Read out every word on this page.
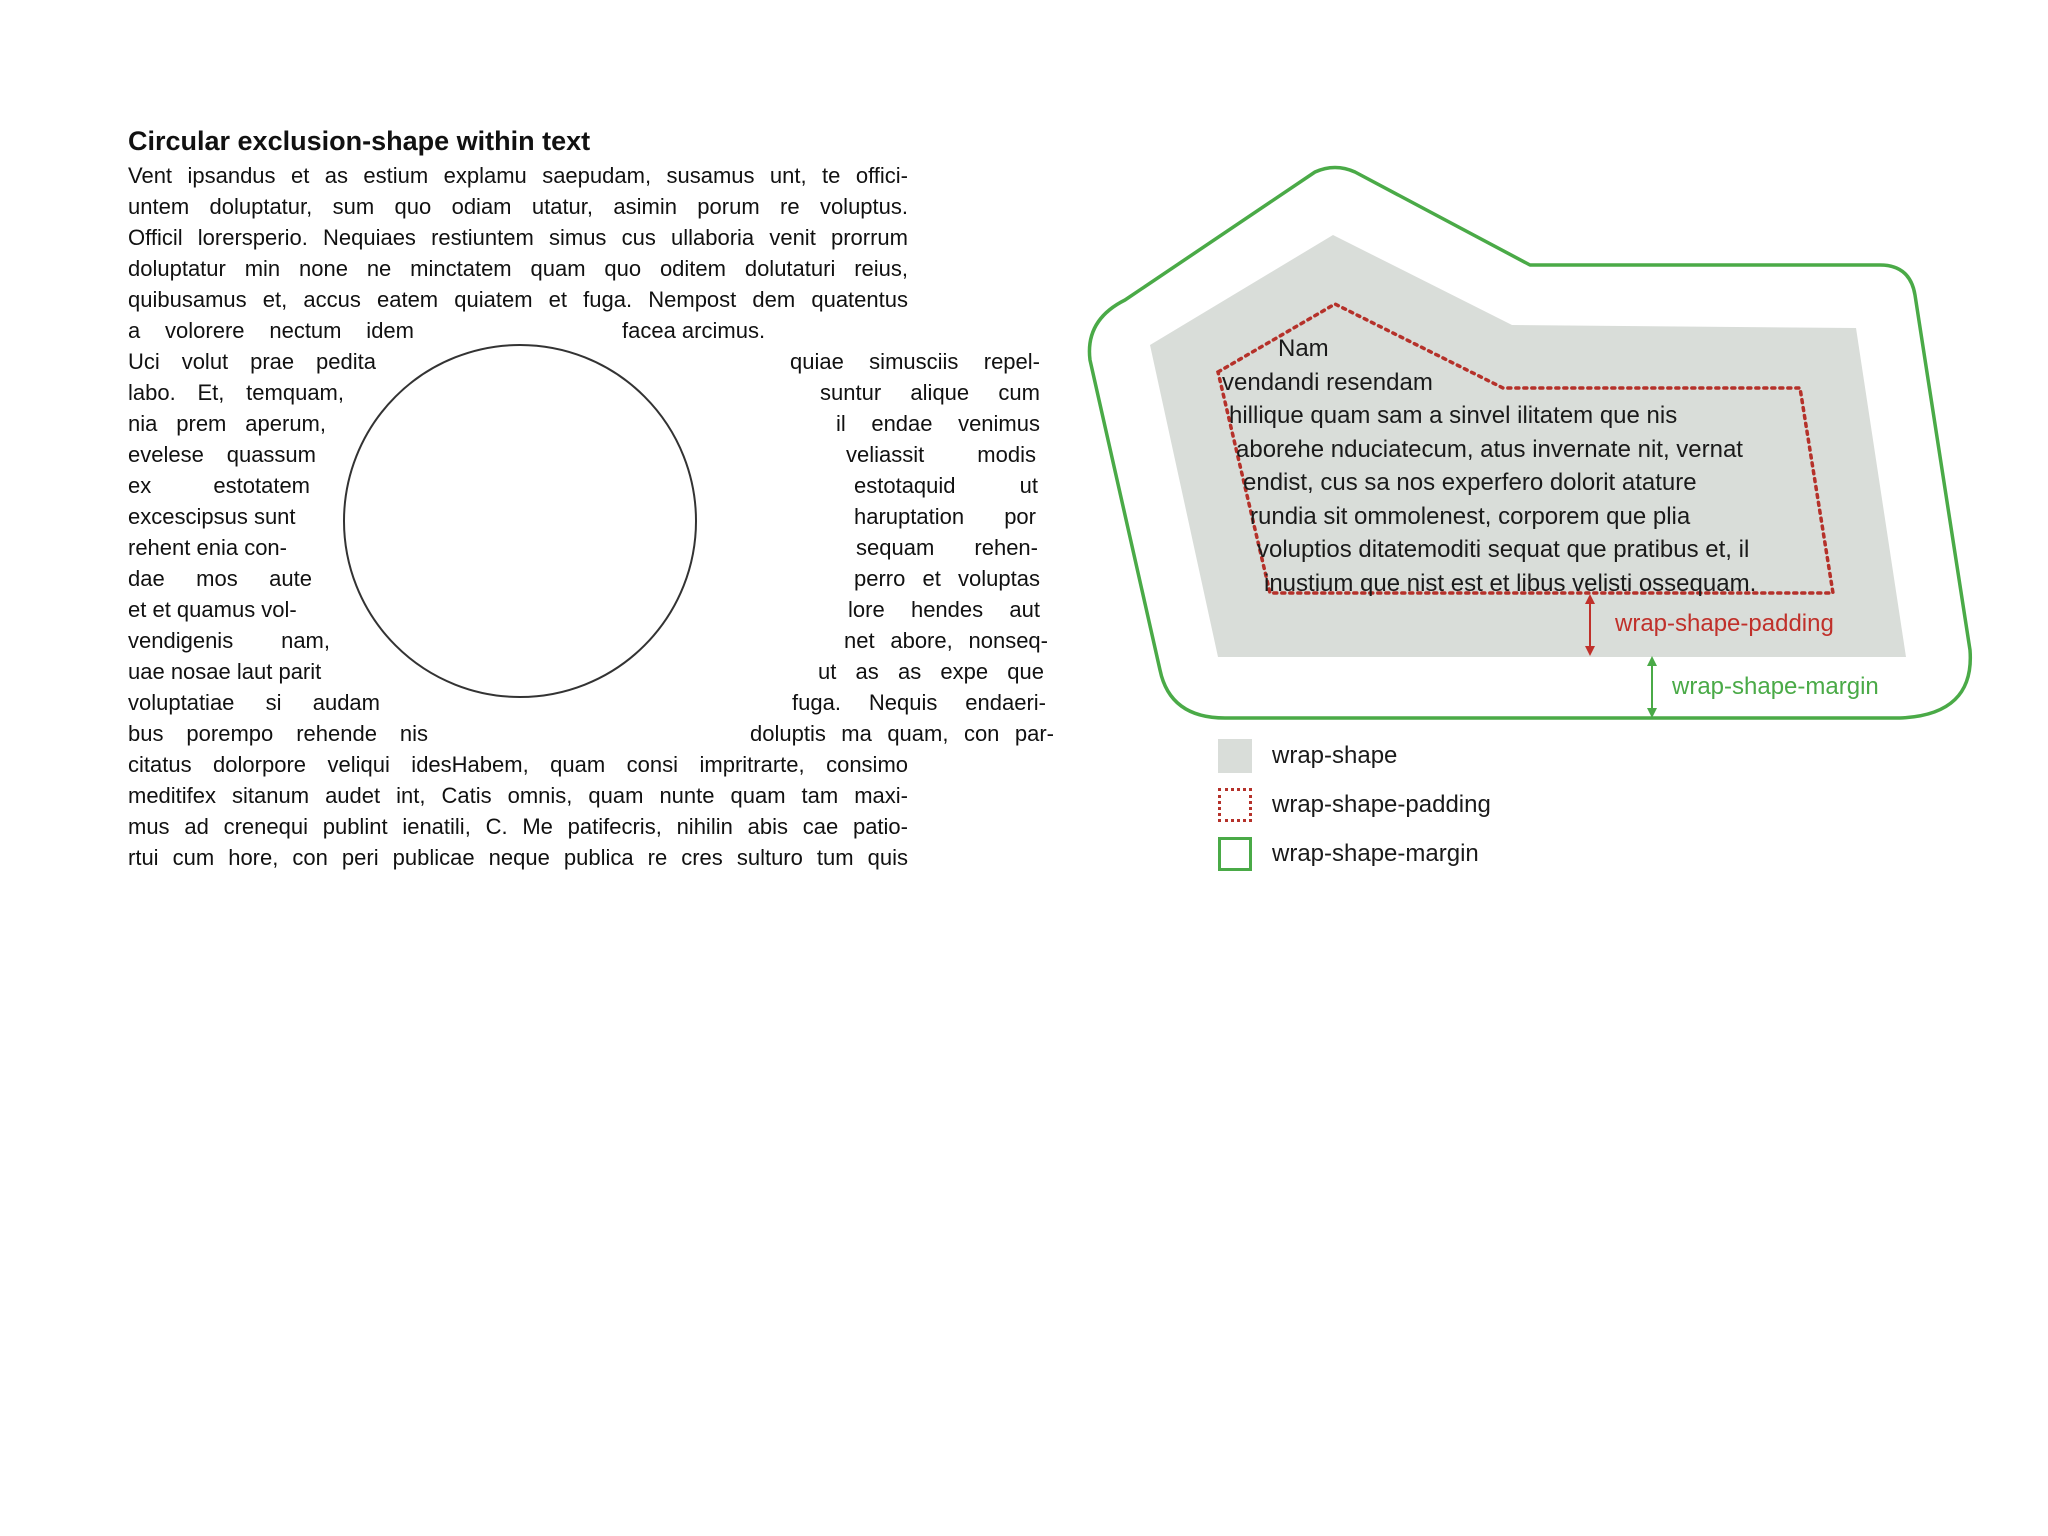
Circular exclusion-shape within text
Vent ipsandus et as estium explamu saepudam, susamus unt, te offici-
untem doluptatur, sum quo odiam utatur, asimin porum re voluptus.
Officil lorersperio. Nequiaes restiuntem simus cus ullaboria venit prorrum
doluptatur min none ne minctatem quam quo oditem dolutaturi reius,
quibusamus et, accus eatem quiatem et fuga. Nempost dem quatentus
a volorere nectum idem	facea arcimus.
Uci volut prae pedita	quiae simusciis repel-
labo. Et, temquam,	suntur alique cum
nia prem aperum,	il endae venimus
evelese quassum	veliassit modis
ex estotatem	estotaquid ut
excescipsus sunt	haruptation por
rehent enia con-	sequam rehen-
dae mos aute	perro et voluptas
et et quamus vol-	lore hendes aut
vendigenis nam,	net abore, nonseq-
uae nosae laut parit	ut as as expe que
voluptatiae si audam	fuga. Nequis endaeri-
bus porempo rehende nis	doluptis ma quam, con par-
citatus dolorpore veliqui idesHabem, quam consi impritrarte, consimo
meditifex sitanum audet int, Catis omnis, quam nunte quam tam maxi-
mus ad crenequi publint ienatili, C. Me patifecris, nihilin abis cae patio-
rtui cum hore, con peri publicae neque publica re cres sulturo tum quis
Nam
vendandi resendam
hillique quam sam a sinvel ilitatem que nis
aborehe nduciatecum, atus invernate nit, vernat
endist, cus sa nos experfero dolorit atature
rundia sit ommolenest, corporem que plia
voluptios ditatemoditi sequat que pratibus et, il
inustium que nist est et libus velisti ossequam.

wrap-shape-padding

wrap-shape-margin

wrap-shape
wrap-shape-padding
wrap-shape-margin
